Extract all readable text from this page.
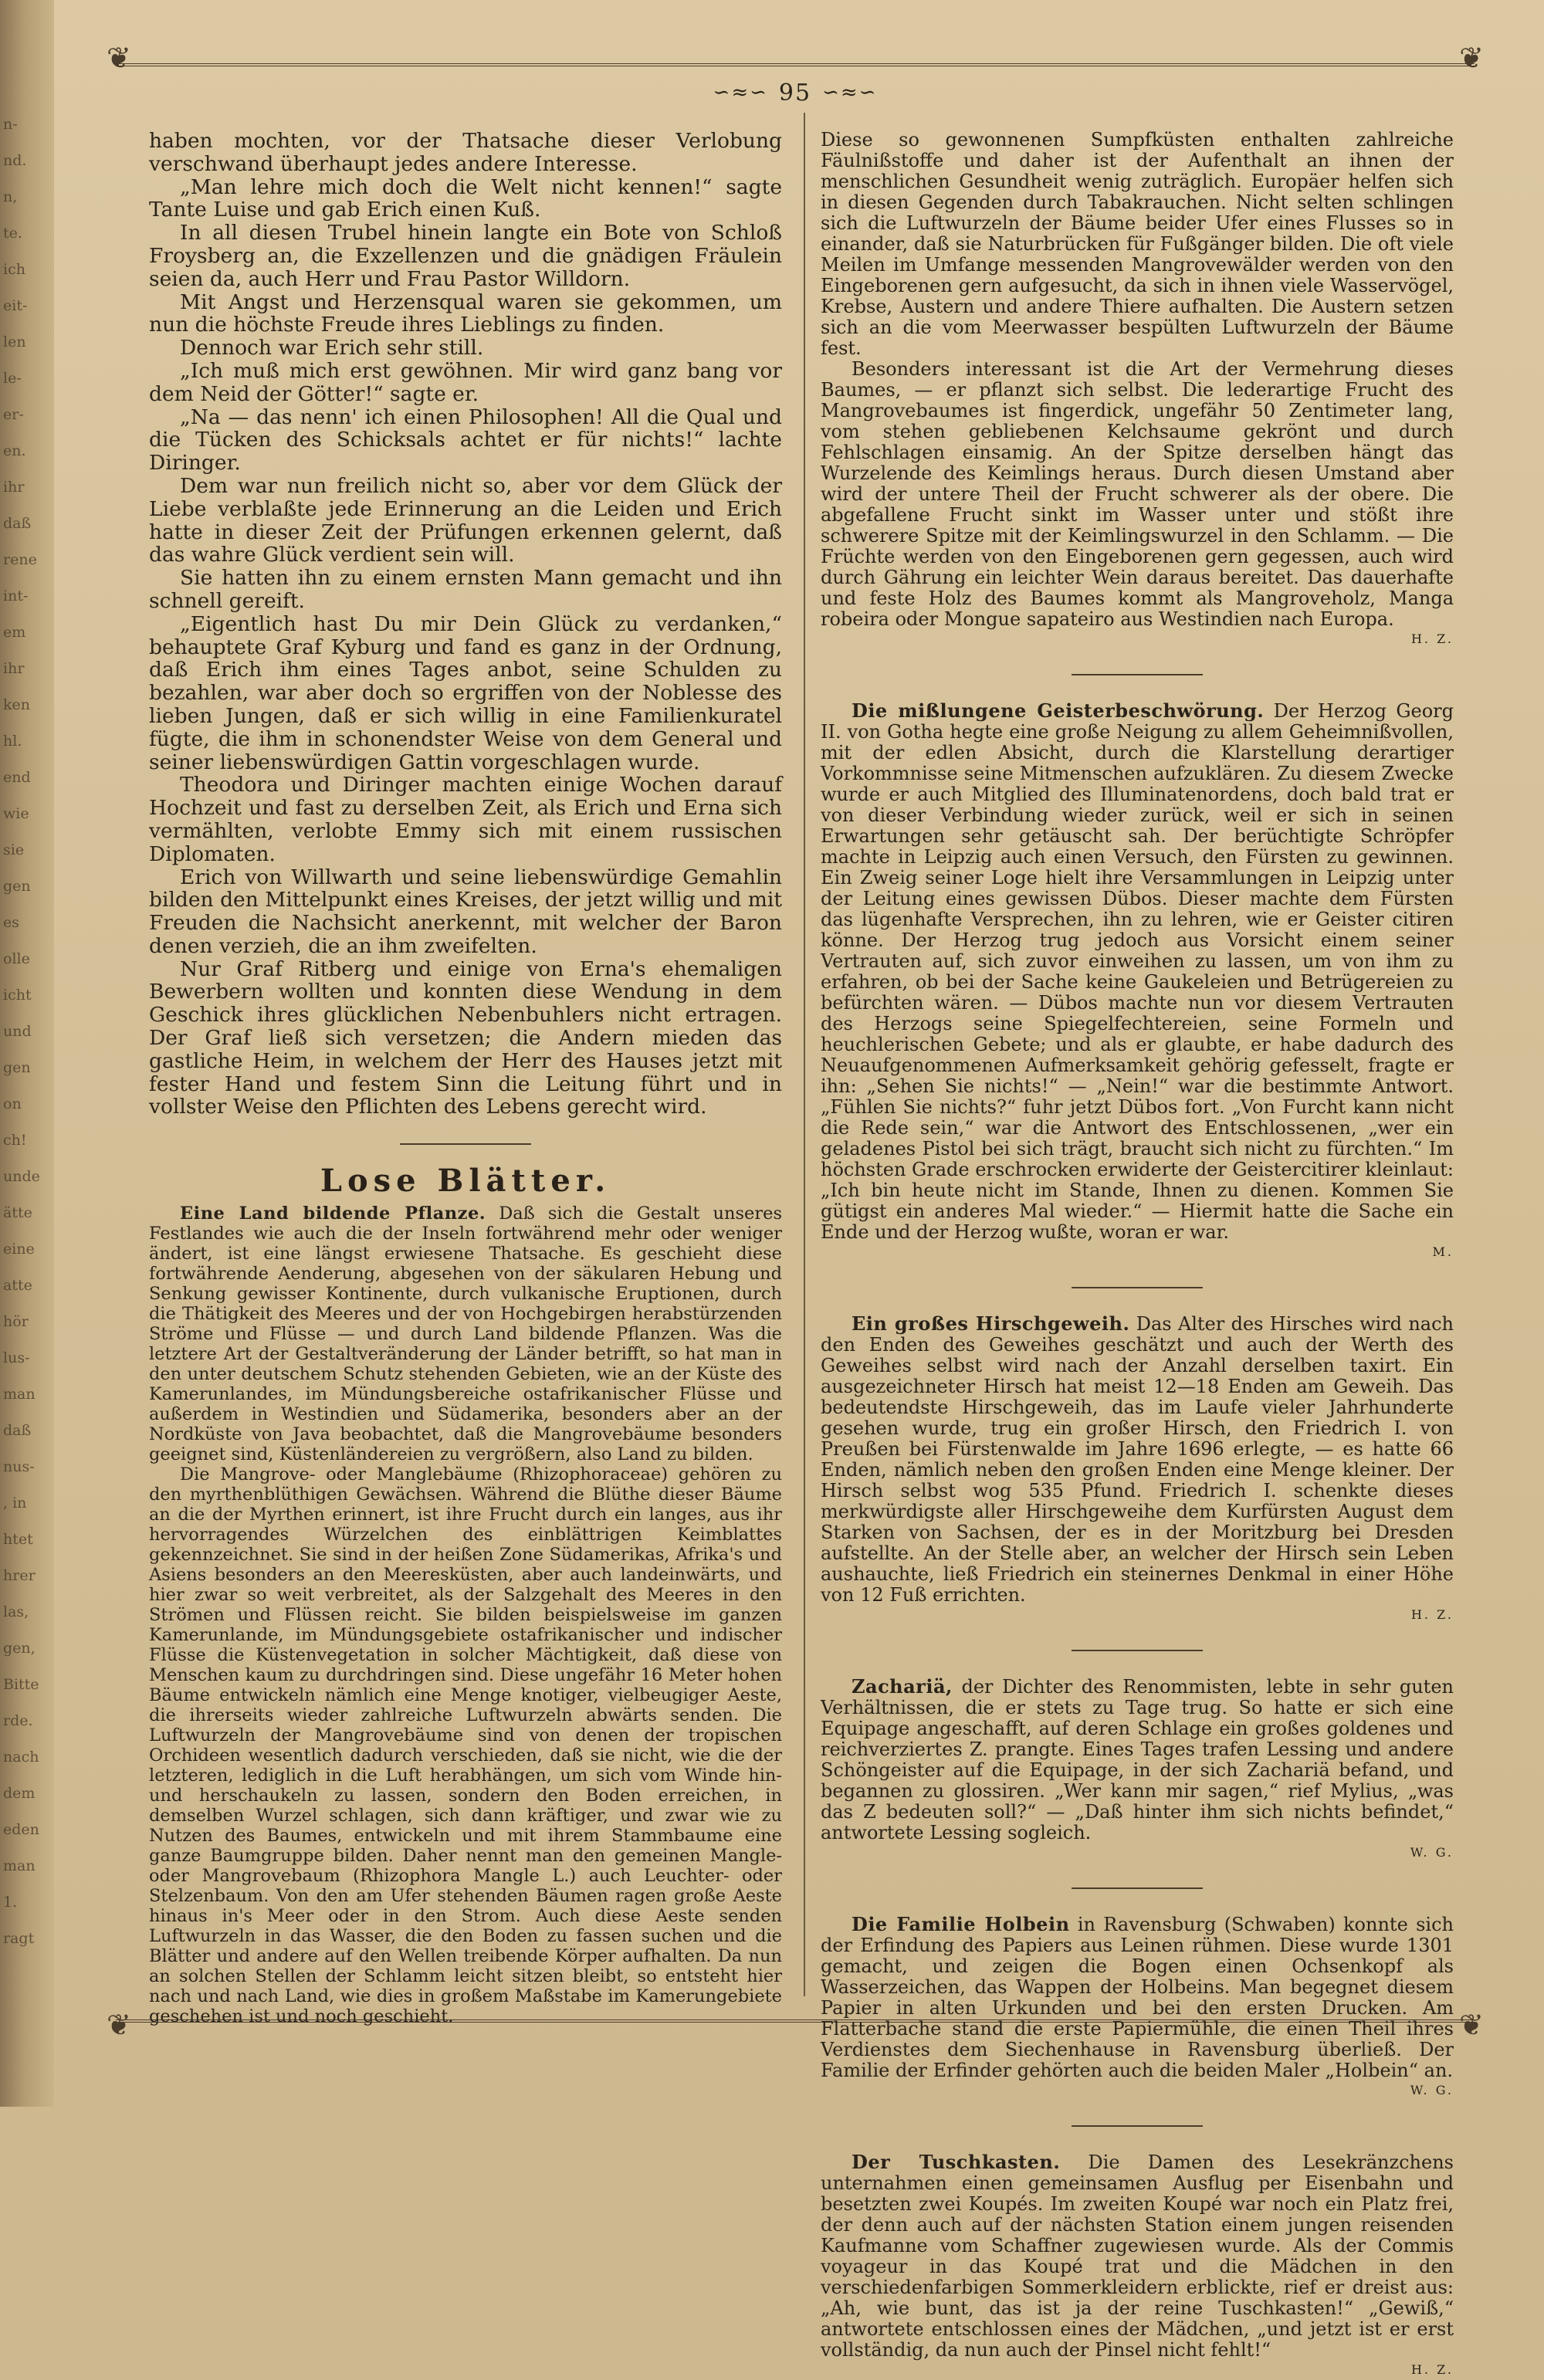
n-
nd.
n,
te.
ich
eit-
len
le-
er-
en.
ihr
daß
rene
int-
em
ihr
ken
hl.
end
wie
sie
gen
es
olle
icht
und
gen
on
ch!
unde
ätte
eine
atte
hör
lus-
man
daß
nus-
, in
htet
hrer
las,
gen,
Bitte
rde.
nach
dem
eden
man
1.
ragt
❦	❦
❦	❦
∽≈∽ 95 ∽≈∽

haben mochten, vor der Thatsache dieser Verlobung verschwand überhaupt jedes andere Interesse.

„Man lehre mich doch die Welt nicht kennen!“ sagte Tante Luise und gab Erich einen Kuß.

In all diesen Trubel hinein langte ein Bote von Schloß Froysberg an, die Exzellenzen und die gnädigen Fräulein seien da, auch Herr und Frau Pastor Willdorn.

Mit Angst und Herzensqual waren sie gekommen, um nun die höchste Freude ihres Lieblings zu finden.

Dennoch war Erich sehr still.

„Ich muß mich erst gewöhnen. Mir wird ganz bang vor dem Neid der Götter!“ sagte er.

„Na — das nenn' ich einen Philosophen! All die Qual und die Tücken des Schicksals achtet er für nichts!“ lachte Diringer.

Dem war nun freilich nicht so, aber vor dem Glück der Liebe verblaßte jede Erinnerung an die Leiden und Erich hatte in dieser Zeit der Prüfungen erkennen gelernt, daß das wahre Glück verdient sein will.

Sie hatten ihn zu einem ernsten Mann gemacht und ihn schnell gereift.

„Eigentlich hast Du mir Dein Glück zu verdanken,“ behauptete Graf Kyburg und fand es ganz in der Ordnung, daß Erich ihm eines Tages anbot, seine Schulden zu bezahlen, war aber doch so ergriffen von der Noblesse des lieben Jungen, daß er sich willig in eine Familienkuratel fügte, die ihm in schonendster Weise von dem General und seiner liebenswürdigen Gattin vorgeschlagen wurde.

Theodora und Diringer machten einige Wochen darauf Hochzeit und fast zu derselben Zeit, als Erich und Erna sich vermählten, verlobte Emmy sich mit einem russischen Diplomaten.

Erich von Willwarth und seine liebenswürdige Gemahlin bilden den Mittelpunkt eines Kreises, der jetzt willig und mit Freuden die Nachsicht anerkennt, mit welcher der Baron denen verzieh, die an ihm zweifelten.

Nur Graf Ritberg und einige von Erna's ehemaligen Bewerbern wollten und konnten diese Wendung in dem Geschick ihres glücklichen Nebenbuhlers nicht ertragen. Der Graf ließ sich versetzen; die Andern mieden das gastliche Heim, in welchem der Herr des Hauses jetzt mit fester Hand und festem Sinn die Leitung führt und in vollster Weise den Pflichten des Lebens gerecht wird.

Lose Blätter.

Eine Land bildende Pflanze. Daß sich die Gestalt unseres Festlandes wie auch die der Inseln fortwährend mehr oder weniger ändert, ist eine längst erwiesene Thatsache. Es geschieht diese fortwährende Aenderung, abgesehen von der säkularen Hebung und Senkung gewisser Kontinente, durch vulkanische Eruptionen, durch die Thätigkeit des Meeres und der von Hochgebirgen herabstürzenden Ströme und Flüsse — und durch Land bildende Pflanzen. Was die letztere Art der Gestaltveränderung der Länder betrifft, so hat man in den unter deutschem Schutz stehenden Gebieten, wie an der Küste des Kamerunlandes, im Mündungsbereiche ostafrikanischer Flüsse und außerdem in Westindien und Südamerika, besonders aber an der Nordküste von Java beobachtet, daß die Mangrovebäume besonders geeignet sind, Küstenländereien zu vergrößern, also Land zu bilden.

Die Mangrove- oder Manglebäume (Rhizophoraceae) gehören zu den myrthenblüthigen Gewächsen. Während die Blüthe dieser Bäume an die der Myrthen erinnert, ist ihre Frucht durch ein langes, aus ihr hervorragendes Würzelchen des einblättrigen Keimblattes gekennzeichnet. Sie sind in der heißen Zone Südamerikas, Afrika's und Asiens besonders an den Meeresküsten, aber auch landeinwärts, und hier zwar so weit verbreitet, als der Salzgehalt des Meeres in den Strömen und Flüssen reicht. Sie bilden beispielsweise im ganzen Kamerunlande, im Mündungsgebiete ostafrikanischer und indischer Flüsse die Küstenvegetation in solcher Mächtigkeit, daß diese von Menschen kaum zu durchdringen sind. Diese ungefähr 16 Meter hohen Bäume entwickeln nämlich eine Menge knotiger, vielbeugiger Aeste, die ihrerseits wieder zahlreiche Luftwurzeln abwärts senden. Die Luftwurzeln der Mangrovebäume sind von denen der tropischen Orchideen wesentlich dadurch verschieden, daß sie nicht, wie die der letzteren, lediglich in die Luft herabhängen, um sich vom Winde hin- und herschaukeln zu lassen, sondern den Boden erreichen, in demselben Wurzel schlagen, sich dann kräftiger, und zwar wie zu Nutzen des Baumes, entwickeln und mit ihrem Stammbaume eine ganze Baumgruppe bilden. Daher nennt man den gemeinen Mangle- oder Mangrovebaum (Rhizophora Mangle L.) auch Leuchter- oder Stelzenbaum. Von den am Ufer stehenden Bäumen ragen große Aeste hinaus in's Meer oder in den Strom. Auch diese Aeste senden Luftwurzeln in das Wasser, die den Boden zu fassen suchen und die Blätter und andere auf den Wellen treibende Körper aufhalten. Da nun an solchen Stellen der Schlamm leicht sitzen bleibt, so entsteht hier nach und nach Land, wie dies in großem Maßstabe im Kamerungebiete geschehen ist und noch geschieht.

Diese so gewonnenen Sumpfküsten enthalten zahlreiche Fäulnißstoffe und daher ist der Aufenthalt an ihnen der menschlichen Gesundheit wenig zuträglich. Europäer helfen sich in diesen Gegenden durch Tabakrauchen. Nicht selten schlingen sich die Luftwurzeln der Bäume beider Ufer eines Flusses so in einander, daß sie Naturbrücken für Fußgänger bilden. Die oft viele Meilen im Umfange messenden Mangrovewälder werden von den Eingeborenen gern aufgesucht, da sich in ihnen viele Wasservögel, Krebse, Austern und andere Thiere aufhalten. Die Austern setzen sich an die vom Meerwasser bespülten Luftwurzeln der Bäume fest.

Besonders interessant ist die Art der Vermehrung dieses Baumes, — er pflanzt sich selbst. Die lederartige Frucht des Mangrovebaumes ist fingerdick, ungefähr 50 Zentimeter lang, vom stehen gebliebenen Kelchsaume gekrönt und durch Fehlschlagen einsamig. An der Spitze derselben hängt das Wurzelende des Keimlings heraus. Durch diesen Umstand aber wird der untere Theil der Frucht schwerer als der obere. Die abgefallene Frucht sinkt im Wasser unter und stößt ihre schwerere Spitze mit der Keimlingswurzel in den Schlamm. — Die Früchte werden von den Eingeborenen gern gegessen, auch wird durch Gährung ein leichter Wein daraus bereitet. Das dauerhafte und feste Holz des Baumes kommt als Mangroveholz, Manga robeira oder Mongue sapateiro aus Westindien nach Europa.

H. Z.

Die mißlungene Geisterbeschwörung. Der Herzog Georg II. von Gotha hegte eine große Neigung zu allem Geheimnißvollen, mit der edlen Absicht, durch die Klarstellung derartiger Vorkommnisse seine Mitmenschen aufzuklären. Zu diesem Zwecke wurde er auch Mitglied des Illuminatenordens, doch bald trat er von dieser Verbindung wieder zurück, weil er sich in seinen Erwartungen sehr getäuscht sah. Der berüchtigte Schröpfer machte in Leipzig auch einen Versuch, den Fürsten zu gewinnen. Ein Zweig seiner Loge hielt ihre Versammlungen in Leipzig unter der Leitung eines gewissen Dübos. Dieser machte dem Fürsten das lügenhafte Versprechen, ihn zu lehren, wie er Geister citiren könne. Der Herzog trug jedoch aus Vorsicht einem seiner Vertrauten auf, sich zuvor einweihen zu lassen, um von ihm zu erfahren, ob bei der Sache keine Gaukeleien und Betrügereien zu befürchten wären. — Dübos machte nun vor diesem Vertrauten des Herzogs seine Spiegelfechtereien, seine Formeln und heuchlerischen Gebete; und als er glaubte, er habe dadurch des Neuaufgenommenen Aufmerksamkeit gehörig gefesselt, fragte er ihn: „Sehen Sie nichts!“ — „Nein!“ war die bestimmte Antwort. „Fühlen Sie nichts?“ fuhr jetzt Dübos fort. „Von Furcht kann nicht die Rede sein,“ war die Antwort des Entschlossenen, „wer ein geladenes Pistol bei sich trägt, braucht sich nicht zu fürchten.“ Im höchsten Grade erschrocken erwiderte der Geistercitirer kleinlaut: „Ich bin heute nicht im Stande, Ihnen zu dienen. Kommen Sie gütigst ein anderes Mal wieder.“ — Hiermit hatte die Sache ein Ende und der Herzog wußte, woran er war.

M.

Ein großes Hirschgeweih. Das Alter des Hirsches wird nach den Enden des Geweihes geschätzt und auch der Werth des Geweihes selbst wird nach der Anzahl derselben taxirt. Ein ausgezeichneter Hirsch hat meist 12—18 Enden am Geweih. Das bedeutendste Hirschgeweih, das im Laufe vieler Jahrhunderte gesehen wurde, trug ein großer Hirsch, den Friedrich I. von Preußen bei Fürstenwalde im Jahre 1696 erlegte, — es hatte 66 Enden, nämlich neben den großen Enden eine Menge kleiner. Der Hirsch selbst wog 535 Pfund. Friedrich I. schenkte dieses merkwürdigste aller Hirschgeweihe dem Kurfürsten August dem Starken von Sachsen, der es in der Moritzburg bei Dresden aufstellte. An der Stelle aber, an welcher der Hirsch sein Leben aushauchte, ließ Friedrich ein steinernes Denkmal in einer Höhe von 12 Fuß errichten.

H. Z.

Zachariä, der Dichter des Renommisten, lebte in sehr guten Verhältnissen, die er stets zu Tage trug. So hatte er sich eine Equipage angeschafft, auf deren Schlage ein großes goldenes und reichverziertes Z. prangte. Eines Tages trafen Lessing und andere Schöngeister auf die Equipage, in der sich Zachariä befand, und begannen zu glossiren. „Wer kann mir sagen,“ rief Mylius, „was das Z bedeuten soll?“ — „Daß hinter ihm sich nichts befindet,“ antwortete Lessing sogleich.

W. G.

Die Familie Holbein in Ravensburg (Schwaben) konnte sich der Erfindung des Papiers aus Leinen rühmen. Diese wurde 1301 gemacht, und zeigen die Bogen einen Ochsenkopf als Wasserzeichen, das Wappen der Holbeins. Man begegnet diesem Papier in alten Urkunden und bei den ersten Drucken. Am Flatterbache stand die erste Papiermühle, die einen Theil ihres Verdienstes dem Siechenhause in Ravensburg überließ. Der Familie der Erfinder gehörten auch die beiden Maler „Holbein“ an.

W. G.

Der Tuschkasten. Die Damen des Lesekränzchens unternahmen einen gemeinsamen Ausflug per Eisenbahn und besetzten zwei Koupés. Im zweiten Koupé war noch ein Platz frei, der denn auch auf der nächsten Station einem jungen reisenden Kaufmanne vom Schaffner zugewiesen wurde. Als der Commis voyageur in das Koupé trat und die Mädchen in den verschiedenfarbigen Sommerkleidern erblickte, rief er dreist aus: „Ah, wie bunt, das ist ja der reine Tuschkasten!“ „Gewiß,“ antwortete entschlossen eines der Mädchen, „und jetzt ist er erst vollständig, da nun auch der Pinsel nicht fehlt!“

H. Z.
